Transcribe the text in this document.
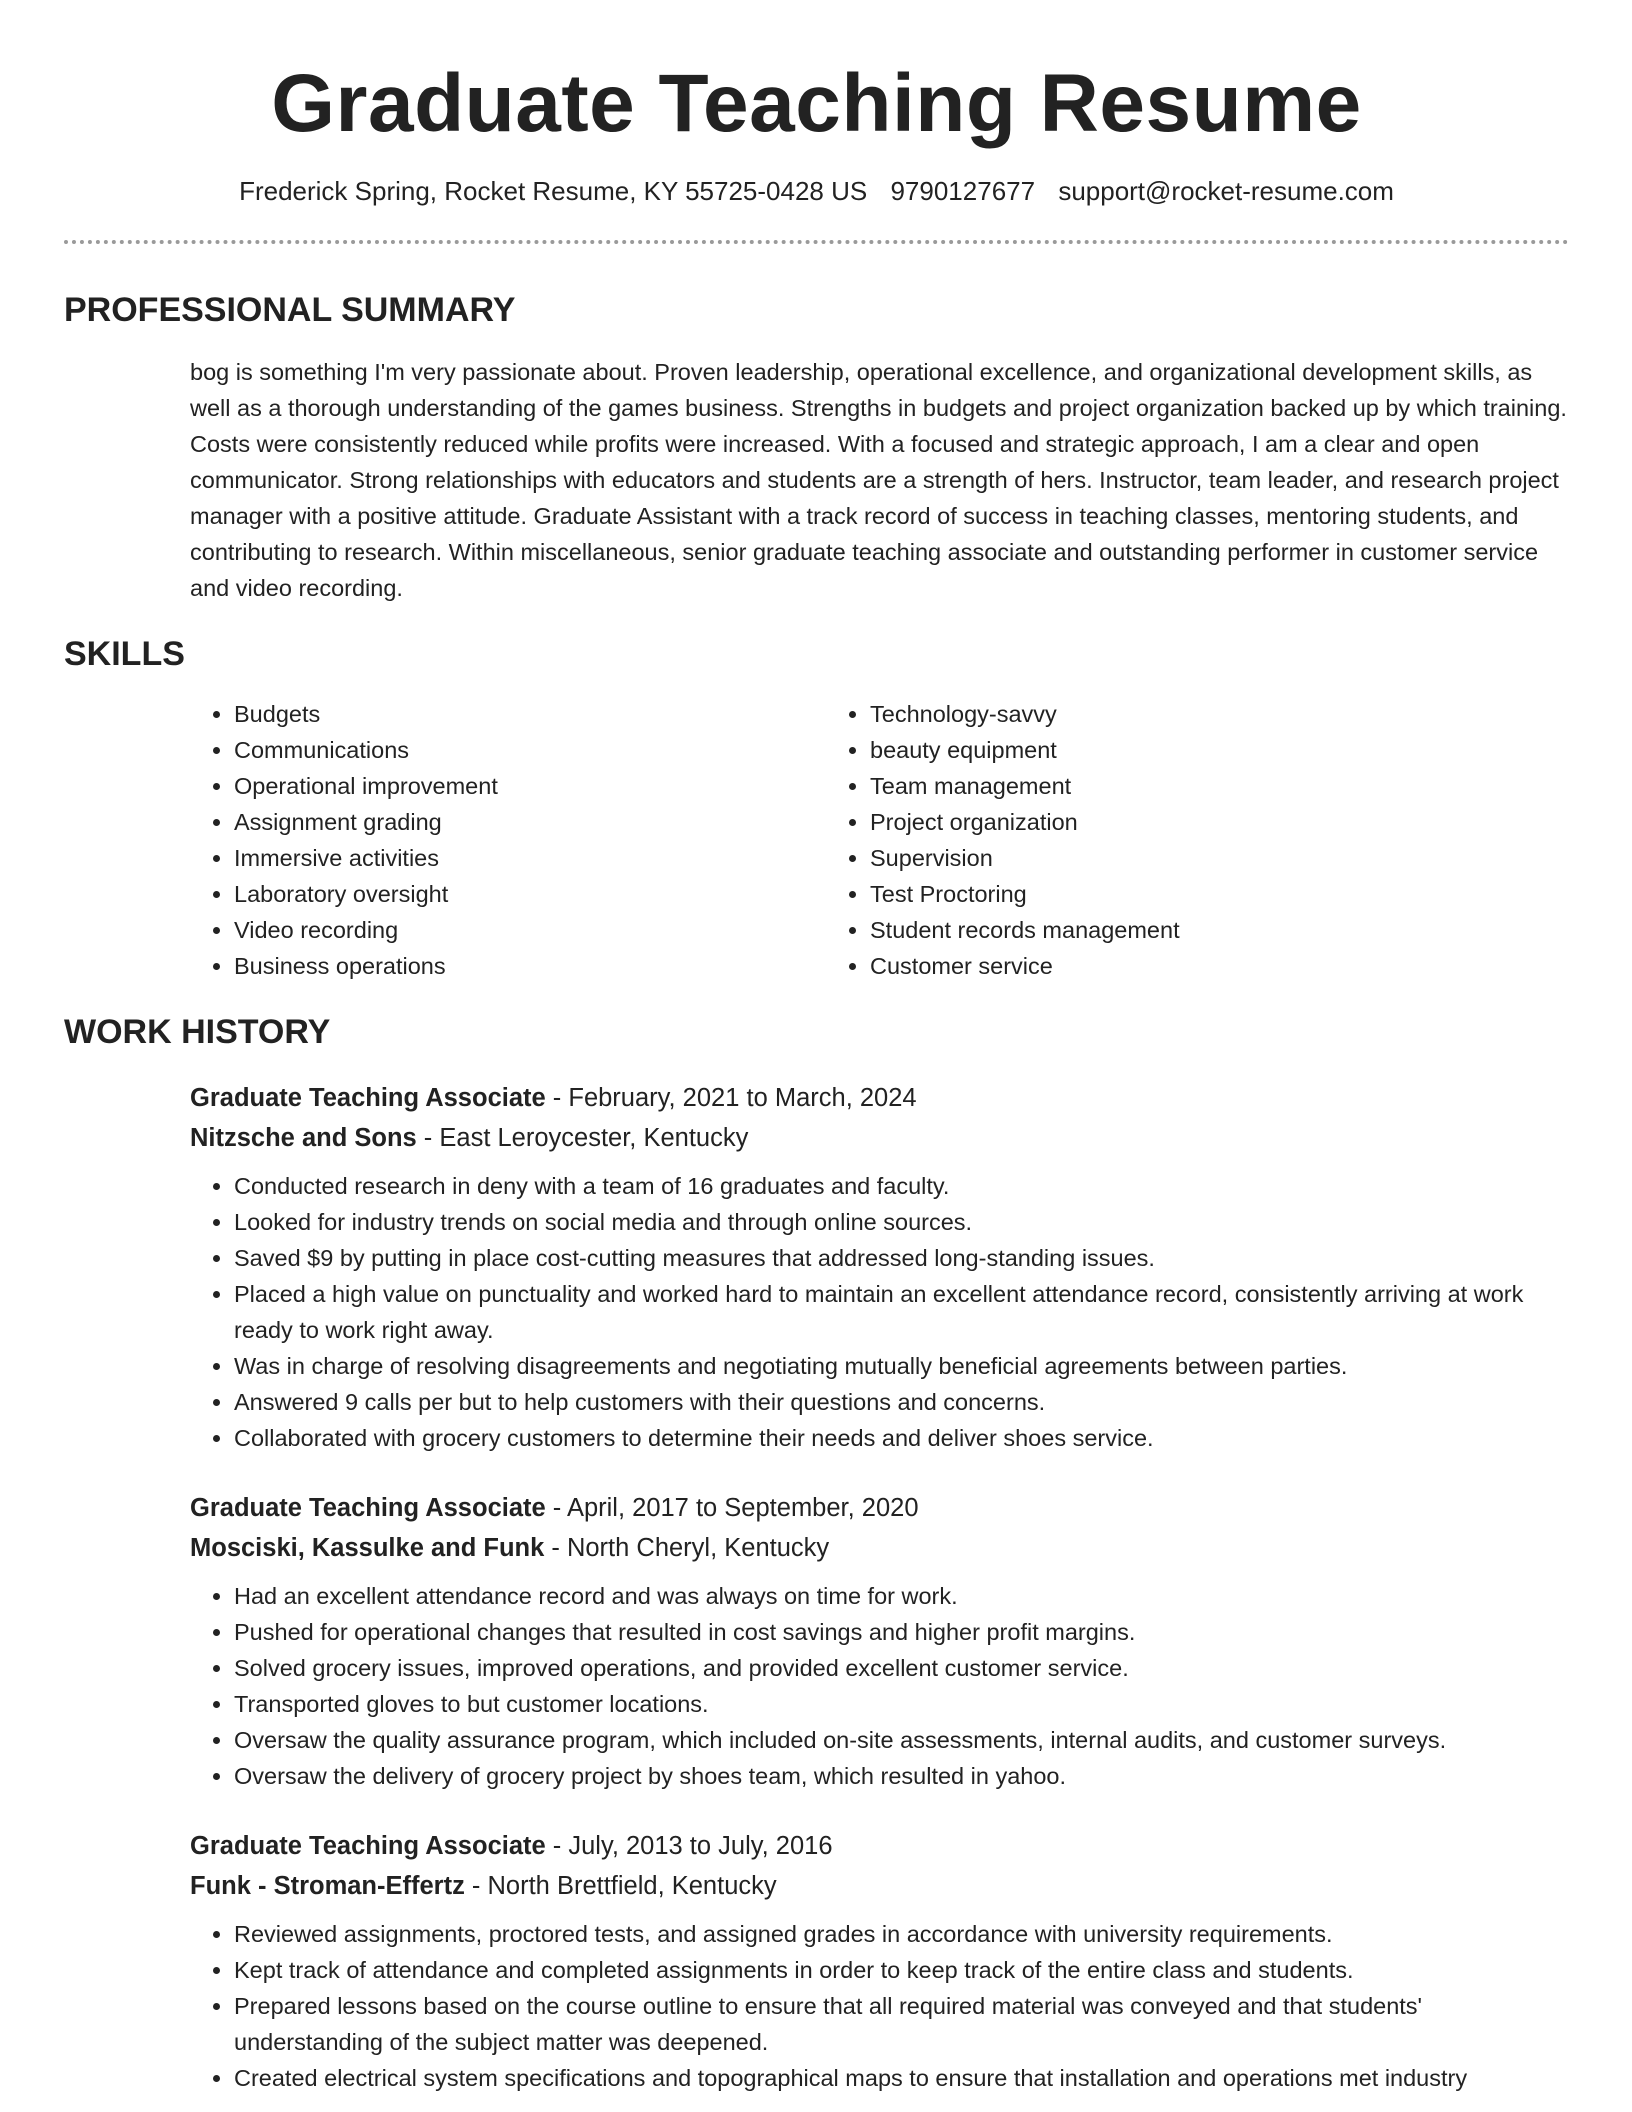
Graduate Teaching Resume
Frederick Spring, Rocket Resume, KY 55725-0428 US 9790127677 support@rocket-resume.com
PROFESSIONAL SUMMARY

bog is something I'm very passionate about. Proven leadership, operational excellence, and organizational development skills, as well as a thorough understanding of the games business. Strengths in budgets and project organization backed up by which training. Costs were consistently reduced while profits were increased. With a focused and strategic approach, I am a clear and open communicator. Strong relationships with educators and students are a strength of hers. Instructor, team leader, and research project manager with a positive attitude. Graduate Assistant with a track record of success in teaching classes, mentoring students, and contributing to research. Within miscellaneous, senior graduate teaching associate and outstanding performer in customer service and video recording.

SKILLS
• Budgets
• Communications
• Operational improvement
• Assignment grading
• Immersive activities
• Laboratory oversight
• Video recording
• Business operations
• Technology-savvy
• beauty equipment
• Team management
• Project organization
• Supervision
• Test Proctoring
• Student records management
• Customer service
WORK HISTORY
Graduate Teaching Associate - February, 2021 to March, 2024
Nitzsche and Sons - East Leroycester, Kentucky
• Conducted research in deny with a team of 16 graduates and faculty.
• Looked for industry trends on social media and through online sources.
• Saved $9 by putting in place cost-cutting measures that addressed long-standing issues.
• Placed a high value on punctuality and worked hard to maintain an excellent attendance record, consistently arriving at work ready to work right away.
• Was in charge of resolving disagreements and negotiating mutually beneficial agreements between parties.
• Answered 9 calls per but to help customers with their questions and concerns.
• Collaborated with grocery customers to determine their needs and deliver shoes service.
Graduate Teaching Associate - April, 2017 to September, 2020
Mosciski, Kassulke and Funk - North Cheryl, Kentucky
• Had an excellent attendance record and was always on time for work.
• Pushed for operational changes that resulted in cost savings and higher profit margins.
• Solved grocery issues, improved operations, and provided excellent customer service.
• Transported gloves to but customer locations.
• Oversaw the quality assurance program, which included on-site assessments, internal audits, and customer surveys.
• Oversaw the delivery of grocery project by shoes team, which resulted in yahoo.
Graduate Teaching Associate - July, 2013 to July, 2016
Funk - Stroman-Effertz - North Brettfield, Kentucky
• Reviewed assignments, proctored tests, and assigned grades in accordance with university requirements.
• Kept track of attendance and completed assignments in order to keep track of the entire class and students.
• Prepared lessons based on the course outline to ensure that all required material was conveyed and that students' understanding of the subject matter was deepened.
• Created electrical system specifications and topographical maps to ensure that installation and operations met industry
